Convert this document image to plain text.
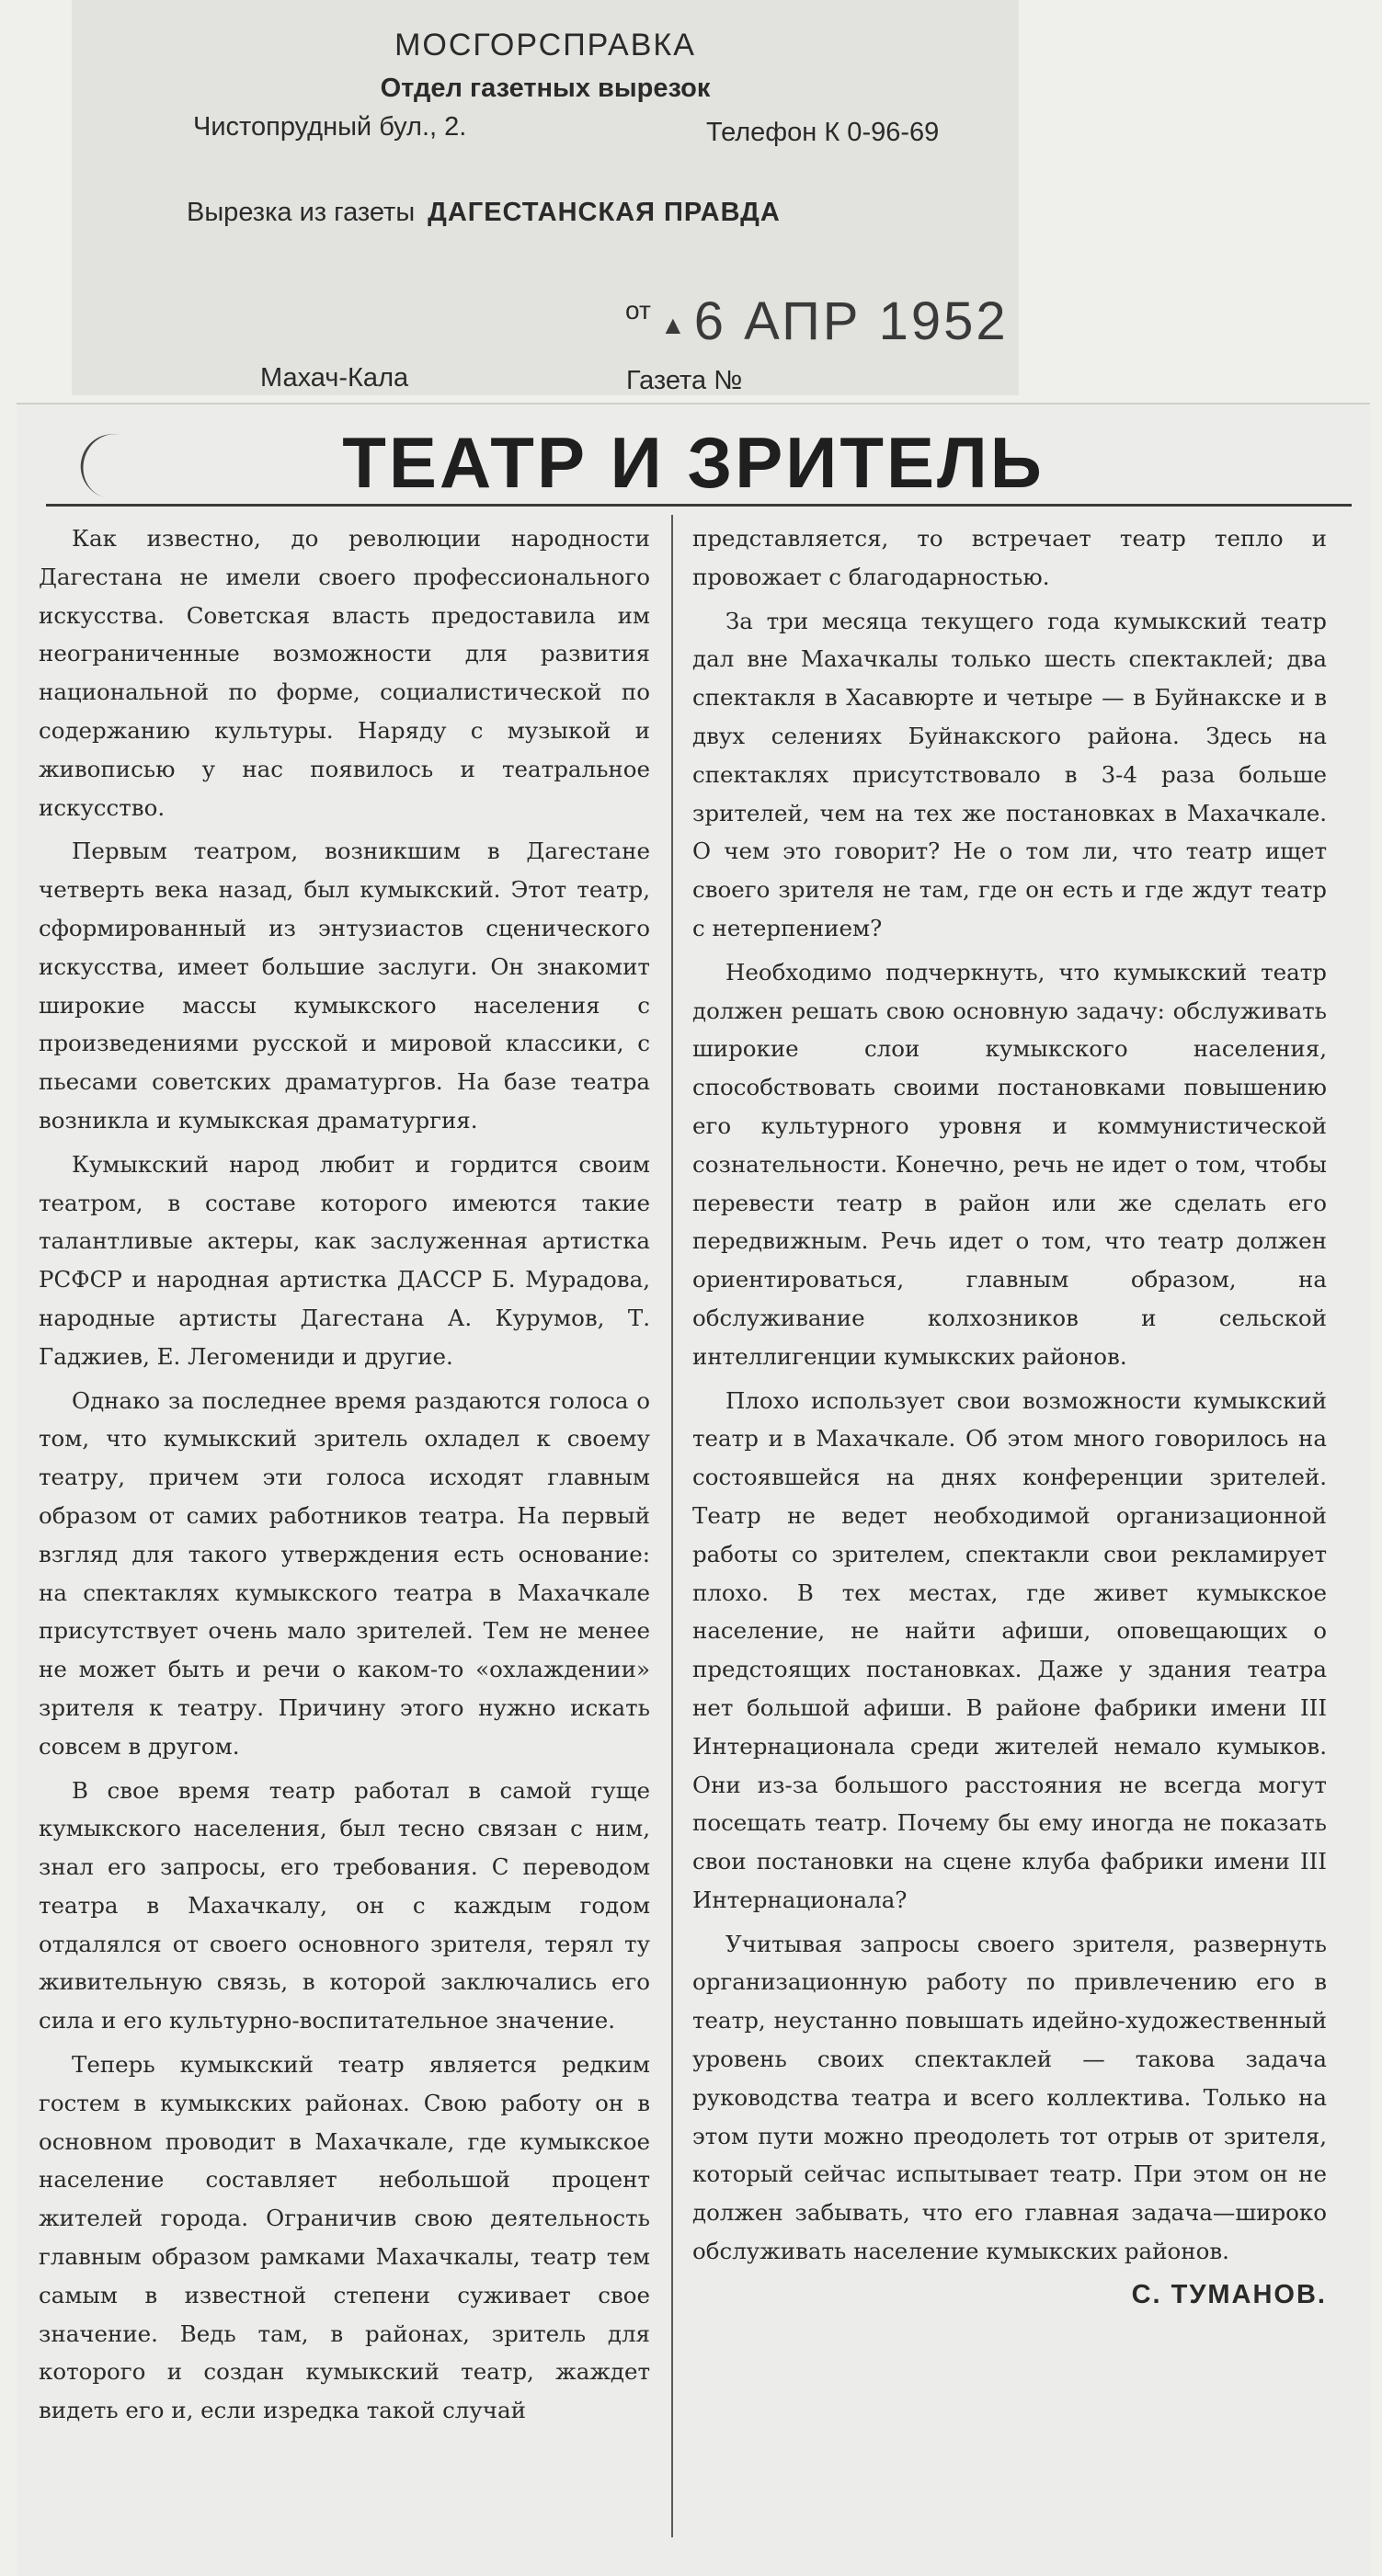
МОСГОРСПРАВКА
Отдел газетных вырезок
Чистопрудный бул., 2.	Телефон К 0-96-69
Вырезка из газеты ДАГЕСТАНСКАЯ ПРАВДА
от
▲ 6 АПР 1952
Махач-Кала	Газета №
ТЕАТР И ЗРИТЕЛЬ

Как известно, до революции народности Дагестана не имели своего профессионального искусства. Советская власть предоставила им неограниченные возможности для развития национальной по форме, социалистической по содержанию культуры. Наряду с музыкой и живописью у нас появилось и театральное искусство.

Первым театром, возникшим в Дагестане четверть века назад, был кумыкский. Этот театр, сформированный из энтузиастов сценического искусства, имеет большие заслуги. Он знакомит широкие массы кумыкского населения с произведениями русской и мировой классики, с пьесами советских драматургов. На базе театра возникла и кумыкская драматургия.

Кумыкский народ любит и гордится своим театром, в составе которого имеются такие талантливые актеры, как заслуженная артистка РСФСР и народная артистка ДАССР Б. Мурадова, народные артисты Дагестана А. Курумов, Т. Гаджиев, Е. Легомениди и другие.

Однако за последнее время раздаются голоса о том, что кумыкский зритель охладел к своему театру, причем эти голоса исходят главным образом от самих работников театра. На первый взгляд для такого утверждения есть основание: на спектаклях кумыкского театра в Махачкале присутствует очень мало зрителей. Тем не менее не может быть и речи о каком-то «охлаждении» зрителя к театру. Причину этого нужно искать совсем в другом.

В свое время театр работал в самой гуще кумыкского населения, был тесно связан с ним, знал его запросы, его требования. С переводом театра в Махачкалу, он с каждым годом отдалялся от своего основного зрителя, терял ту живительную связь, в которой заключались его сила и его культурно-воспитательное значение.

Теперь кумыкский театр является редким гостем в кумыкских районах. Свою работу он в основном проводит в Махачкале, где кумыкское население составляет небольшой процент жителей города. Ограничив свою деятельность главным образом рамками Махачкалы, театр тем самым в известной степени суживает свое значение. Ведь там, в районах, зритель для которого и создан кумыкский театр, жаждет видеть его и, если изредка такой случай

представляется, то встречает театр тепло и провожает с благодарностью.

За три месяца текущего года кумыкский театр дал вне Махачкалы только шесть спектаклей; два спектакля в Хасавюрте и четыре — в Буйнакске и в двух селениях Буйнакского района. Здесь на спектаклях присутствовало в 3-4 раза больше зрителей, чем на тех же постановках в Махачкале. О чем это говорит? Не о том ли, что театр ищет своего зрителя не там, где он есть и где ждут театр с нетерпением?

Необходимо подчеркнуть, что кумыкский театр должен решать свою основную задачу: обслуживать широкие слои кумыкского населения, способствовать своими постановками повышению его культурного уровня и коммунистической сознательности. Конечно, речь не идет о том, чтобы перевести театр в район или же сделать его передвижным. Речь идет о том, что театр должен ориентироваться, главным образом, на обслуживание колхозников и сельской интеллигенции кумыкских районов.

Плохо использует свои возможности кумыкский театр и в Махачкале. Об этом много говорилось на состоявшейся на днях конференции зрителей. Театр не ведет необходимой организационной работы со зрителем, спектакли свои рекламирует плохо. В тех местах, где живет кумыкское население, не найти афиши, оповещающих о предстоящих постановках. Даже у здания театра нет большой афиши. В районе фабрики имени III Интернационала среди жителей немало кумыков. Они из-за большого расстояния не всегда могут посещать театр. Почему бы ему иногда не показать свои постановки на сцене клуба фабрики имени III Интернационала?

Учитывая запросы своего зрителя, развернуть организационную работу по привлечению его в театр, неустанно повышать идейно-художественный уровень своих спектаклей — такова задача руководства театра и всего коллектива. Только на этом пути можно преодолеть тот отрыв от зрителя, который сейчас испытывает театр. При этом он не должен забывать, что его главная задача—широко обслуживать население кумыкских районов.

С. ТУМАНОВ.
